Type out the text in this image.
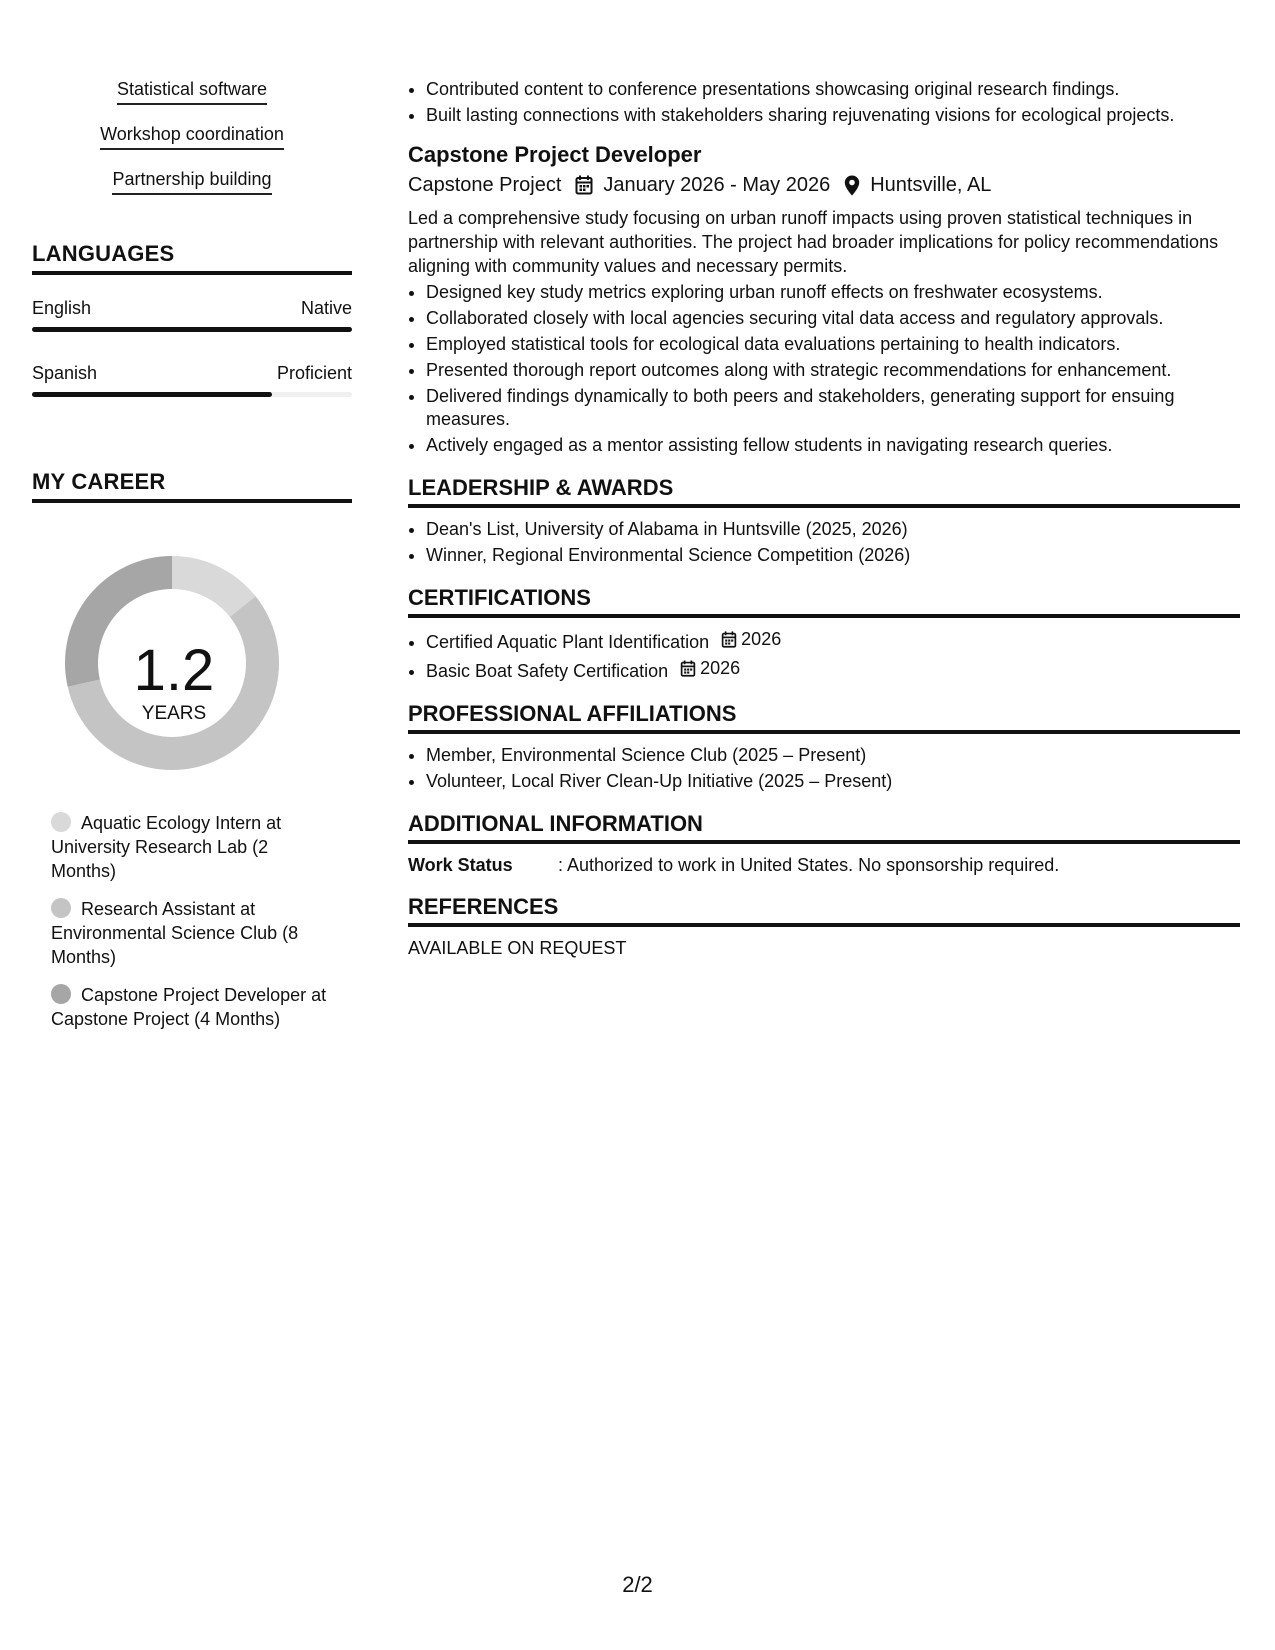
Statistical software
Workshop coordination
Partnership building
LANGUAGES
English	Native
Spanish	Proficient
MY CAREER
1.2
YEARS
Aquatic Ecology Intern at University Research Lab (2 Months)
Research Assistant at Environmental Science Club (8 Months)
Capstone Project Developer at Capstone Project (4 Months)
• Contributed content to conference presentations showcasing original research findings.
• Built lasting connections with stakeholders sharing rejuvenating visions for ecological projects.
Capstone Project Developer
Capstone Project January 2026 - May 2026 Huntsville, AL
Led a comprehensive study focusing on urban runoff impacts using proven statistical techniques in partnership with relevant authorities. The project had broader implications for policy recommendations aligning with community values and necessary permits.
• Designed key study metrics exploring urban runoff effects on freshwater ecosystems.
• Collaborated closely with local agencies securing vital data access and regulatory approvals.
• Employed statistical tools for ecological data evaluations pertaining to health indicators.
• Presented thorough report outcomes along with strategic recommendations for enhancement.
• Delivered findings dynamically to both peers and stakeholders, generating support for ensuing measures.
• Actively engaged as a mentor assisting fellow students in navigating research queries.
LEADERSHIP & AWARDS
• Dean's List, University of Alabama in Huntsville (2025, 2026)
• Winner, Regional Environmental Science Competition (2026)
CERTIFICATIONS
• Certified Aquatic Plant Identification 2026
• Basic Boat Safety Certification 2026
PROFESSIONAL AFFILIATIONS
• Member, Environmental Science Club (2025 – Present)
• Volunteer, Local River Clean-Up Initiative (2025 – Present)
ADDITIONAL INFORMATION
Work Status	: Authorized to work in United States. No sponsorship required.
REFERENCES
AVAILABLE ON REQUEST
2/2
